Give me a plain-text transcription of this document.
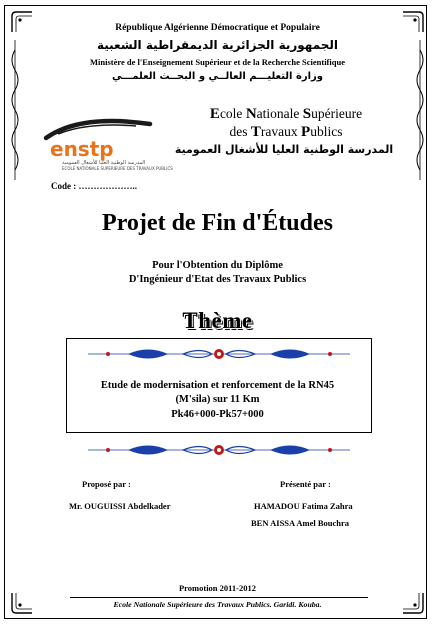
République Algérienne Démocratique et Populaire
الجمهورية الجزائرية الديمقراطية الشعبية
Ministère de l'Enseignement Supérieur et de la Recherche Scientifique
وزارة التعليـــم العالــي و البحــث العلمـــي
enstp
المدرسة الوطنية العليا للأشغال العمومية
ECOLE NATIONALE SUPERIEURE DES TRAVAUX PUBLICS
Ecole Nationale Supérieure
des Travaux Publics
المدرسة الوطنية العليا للأشغال العمومية
Code : ………………..
Projet de Fin d'Études
Pour l'Obtention du Diplôme
D'Ingénieur d'Etat des Travaux Publics
Thème
Etude de modernisation et renforcement de la RN45
(M'sila) sur 11 Km
Pk46+000-Pk57+000
Proposé par :
Mr. OUGUISSI Abdelkader
Présenté par :
HAMADOU Fatima Zahra
BEN AISSA Amel Bouchra
Promotion 2011-2012
Ecole Nationale Supérieure des Travaux Publics. Garidi. Kouba.
